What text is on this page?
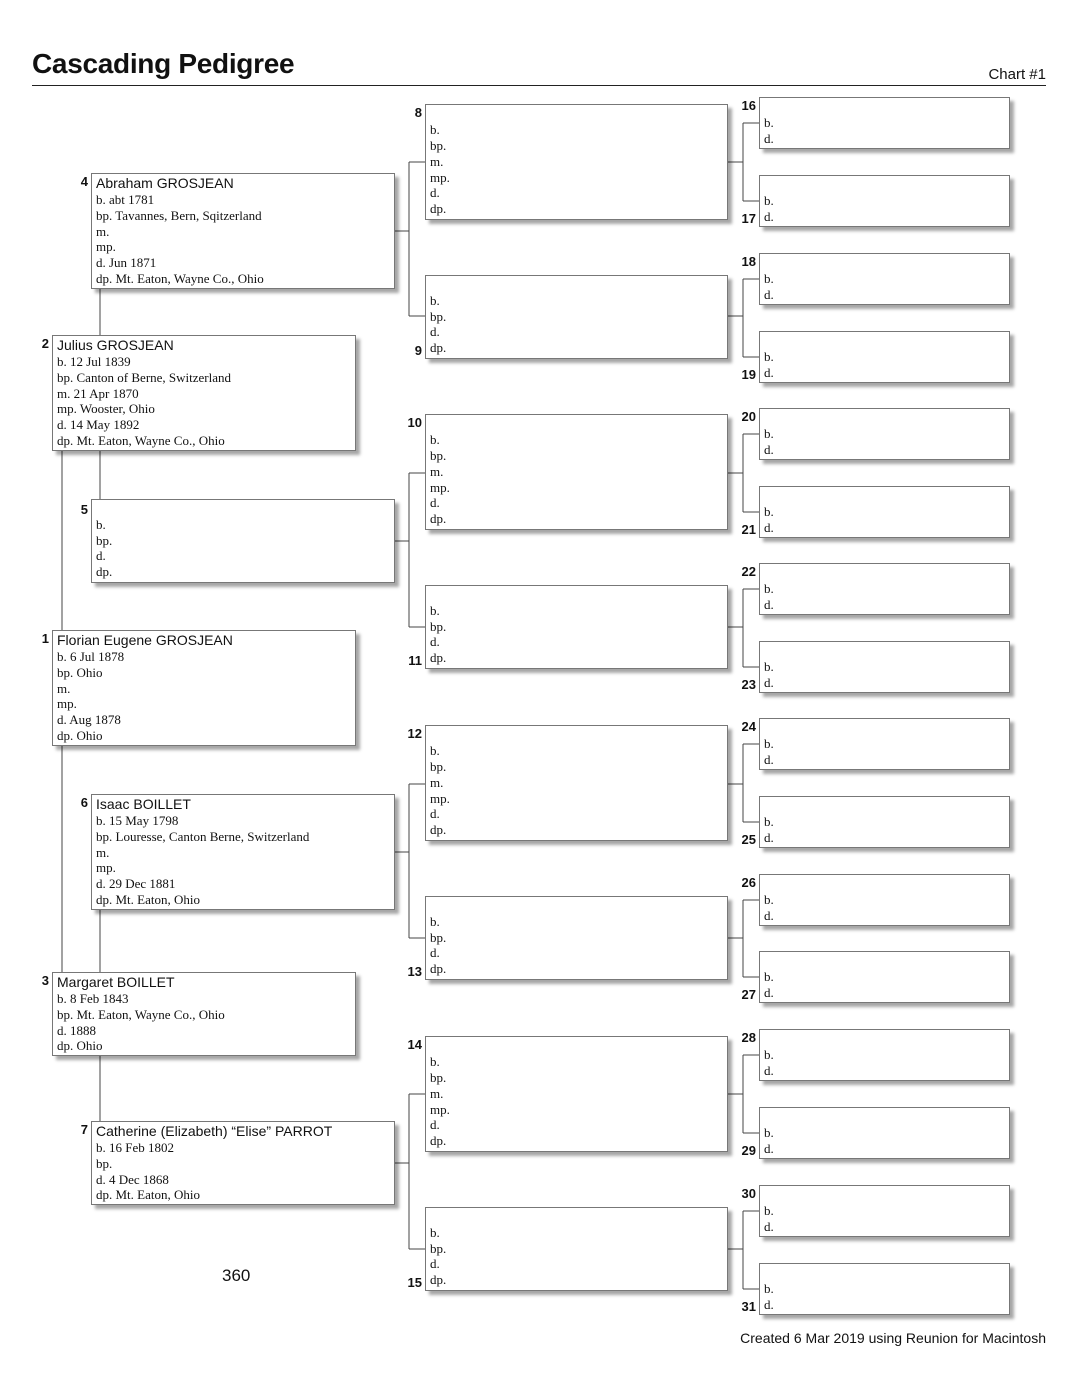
Cascading Pedigree	Chart #1
Florian Eugene GROSJEAN
b. 6 Jul 1878
bp. Ohio
m.
mp.
d. Aug 1878
dp. Ohio
1
Julius GROSJEAN
b. 12 Jul 1839
bp. Canton of Berne, Switzerland
m. 21 Apr 1870
mp. Wooster, Ohio
d. 14 May 1892
dp. Mt. Eaton, Wayne Co., Ohio
2
Margaret BOILLET
b. 8 Feb 1843
bp. Mt. Eaton, Wayne Co., Ohio
d. 1888
dp. Ohio
3
Abraham GROSJEAN
b. abt 1781
bp. Tavannes, Bern, Sqitzerland
m.
mp.
d. Jun 1871
dp. Mt. Eaton, Wayne Co., Ohio
4
b.
bp.
d.
dp.
5
Isaac BOILLET
b. 15 May 1798
bp. Louresse, Canton Berne, Switzerland
m.
mp.
d. 29 Dec 1881
dp. Mt. Eaton, Ohio
6
Catherine (Elizabeth) “Elise” PARROT
b. 16 Feb 1802
bp.
d. 4 Dec 1868
dp. Mt. Eaton, Ohio
7
b.
bp.
m.
mp.
d.
dp.
8
b.
bp.
d.
dp.
9
b.
bp.
m.
mp.
d.
dp.
10
b.
bp.
d.
dp.
11
b.
bp.
m.
mp.
d.
dp.
12
b.
bp.
d.
dp.
13
b.
bp.
m.
mp.
d.
dp.
14
b.
bp.
d.
dp.
15
b.
d.
16
b.
d.
17
b.
d.
18
b.
d.
19
b.
d.
20
b.
d.
21
b.
d.
22
b.
d.
23
b.
d.
24
b.
d.
25
b.
d.
26
b.
d.
27
b.
d.
28
b.
d.
29
b.
d.
30
b.
d.
31
360
Created 6 Mar 2019 using Reunion for Macintosh
